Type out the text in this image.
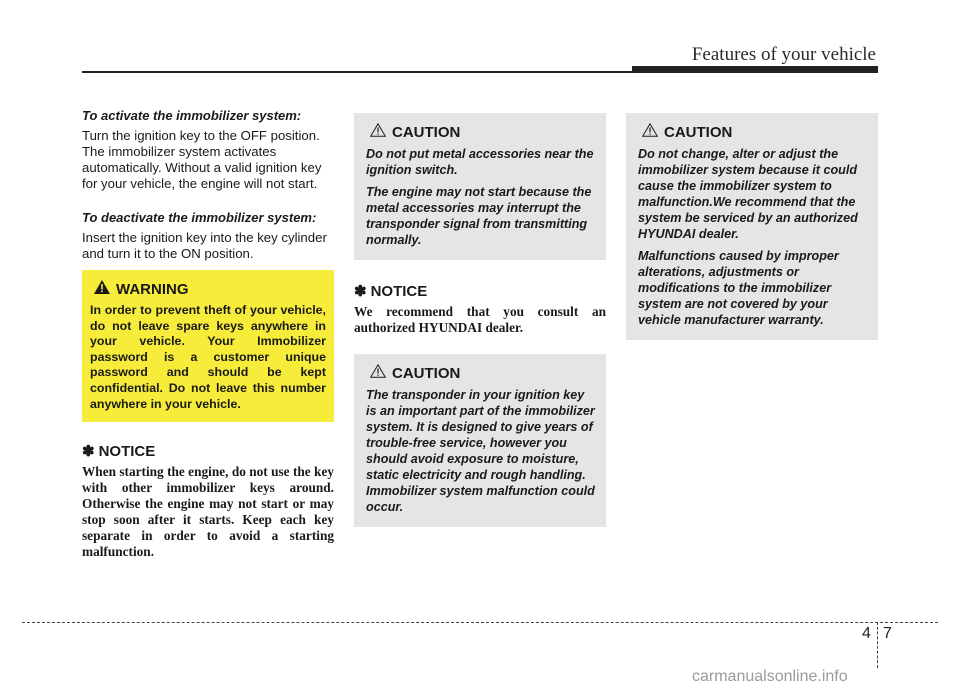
Features of your vehicle

To activate the immobilizer system:

Turn the ignition key to the OFF position. The immobilizer system activates automatically. Without a valid ignition key for your vehicle, the engine will not start.

To deactivate the immobilizer system:

Insert the ignition key into the key cylinder and turn it to the ON position.

WARNING
In order to prevent theft of your vehicle, do not leave spare keys anywhere in your vehicle. Your Immobilizer password is a customer unique password and should be kept confidential. Do not leave this number anywhere in your vehicle.
✽ NOTICE
When starting the engine, do not use the key with other immobilizer keys around. Otherwise the engine may not start or may stop soon after it starts. Keep each key separate in order to avoid a starting malfunction.
CAUTION

Do not put metal accessories near the ignition switch.

The engine may not start because the metal accessories may interrupt the transponder signal from transmitting normally.

✽ NOTICE
We recommend that you consult an authorized HYUNDAI dealer.
CAUTION

The transponder in your ignition key is an important part of the immobilizer system. It is designed to give years of trouble-free service, however you should avoid exposure to moisture, static electricity and rough handling. Immobilizer system malfunction could occur.

CAUTION

Do not change, alter or adjust the immobilizer system because it could cause the immobilizer system to malfunction.We recommend that the system be serviced by an authorized HYUNDAI dealer.

Malfunctions caused by improper alterations, adjustments or modifications to the immobilizer system are not covered by your vehicle manufacturer warranty.

4 7
carmanualsonline.info
